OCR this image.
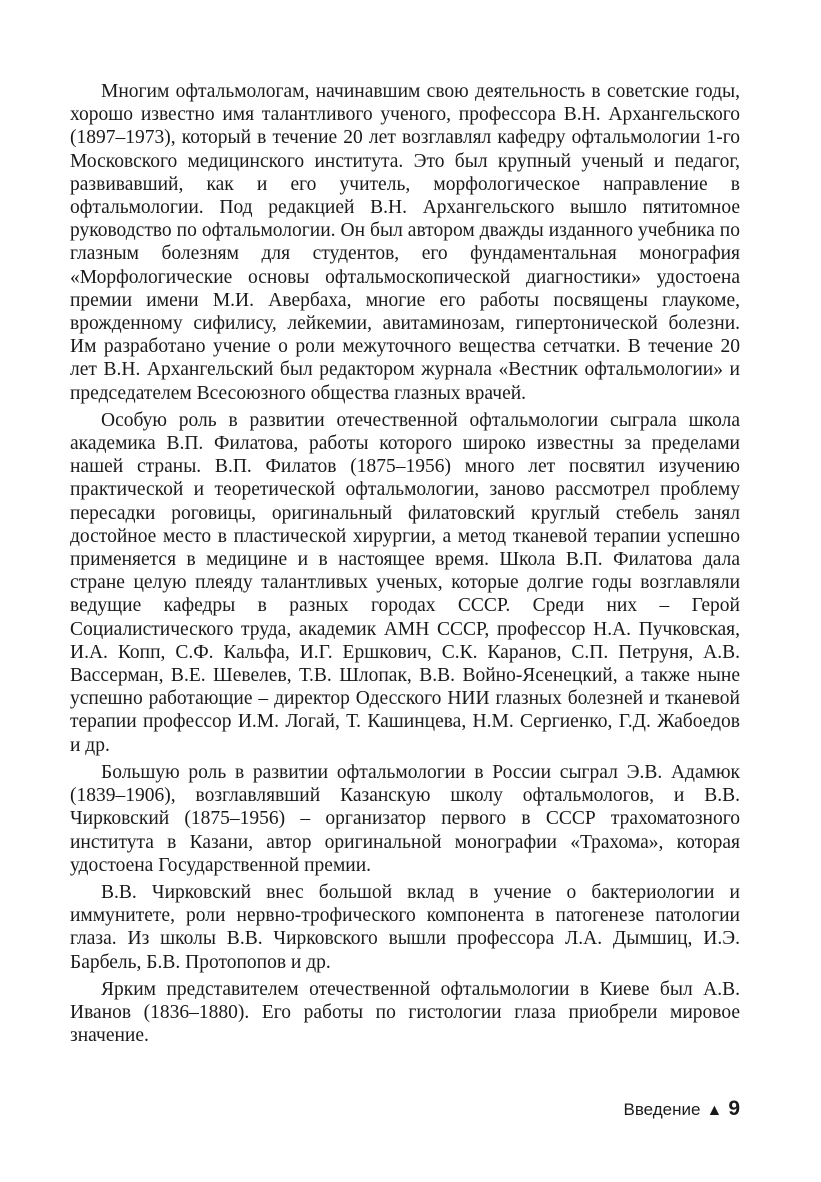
Многим офтальмологам, начинавшим свою деятельность в советские годы, хорошо известно имя талантливого ученого, профессора В.Н. Архангельского (1897–1973), который в течение 20 лет возглавлял кафедру офтальмологии 1-го Московского медицинского института. Это был крупный ученый и педагог, развивавший, как и его учитель, морфологическое направление в офтальмологии. Под редакцией В.Н. Архангельского вышло пятитомное руководство по офтальмологии. Он был автором дважды изданного учебника по глазным болезням для студентов, его фундаментальная монография «Морфологические основы офтальмоскопической диагностики» удостоена премии имени М.И. Авербаха, многие его работы посвящены глаукоме, врожденному сифилису, лейкемии, авитаминозам, гипертонической болезни. Им разработано учение о роли межуточного вещества сетчатки. В течение 20 лет В.Н. Архангельский был редактором журнала «Вестник офтальмологии» и председателем Всесоюзного общества глазных врачей.

Особую роль в развитии отечественной офтальмологии сыграла школа академика В.П. Филатова, работы которого широко известны за пределами нашей страны. В.П. Филатов (1875–1956) много лет посвятил изучению практической и теоретической офтальмологии, заново рассмотрел проблему пересадки роговицы, оригинальный филатовский круглый стебель занял достойное место в пластической хирургии, а метод тканевой терапии успешно применяется в медицине и в настоящее время. Школа В.П. Филатова дала стране целую плеяду талантливых ученых, которые долгие годы возглавляли ведущие кафедры в разных городах СССР. Среди них – Герой Социалистического труда, академик АМН СССР, профессор Н.А. Пучковская, И.А. Копп, С.Ф. Кальфа, И.Г. Ершкович, С.К. Каранов, С.П. Петруня, А.В. Вассерман, В.Е. Шевелев, Т.В. Шлопак, В.В. Войно-Ясенецкий, а также ныне успешно работающие – директор Одесского НИИ глазных болезней и тканевой терапии профессор И.М. Логай, Т. Кашинцева, Н.М. Сергиенко, Г.Д. Жабоедов и др.

Большую роль в развитии офтальмологии в России сыграл Э.В. Адамюк (1839–1906), возглавлявший Казанскую школу офтальмологов, и В.В. Чирковский (1875–1956) – организатор первого в СССР трахоматозного института в Казани, автор оригинальной монографии «Трахома», которая удостоена Государственной премии.

В.В. Чирковский внес большой вклад в учение о бактериологии и иммунитете, роли нервно-трофического компонента в патогенезе патологии глаза. Из школы В.В. Чирковского вышли профессора Л.А. Дымшиц, И.Э. Барбель, Б.В. Протопопов и др.

Ярким представителем отечественной офтальмологии в Киеве был А.В. Иванов (1836–1880). Его работы по гистологии глаза приобрели мировое значение.

Введение ▲ 9
